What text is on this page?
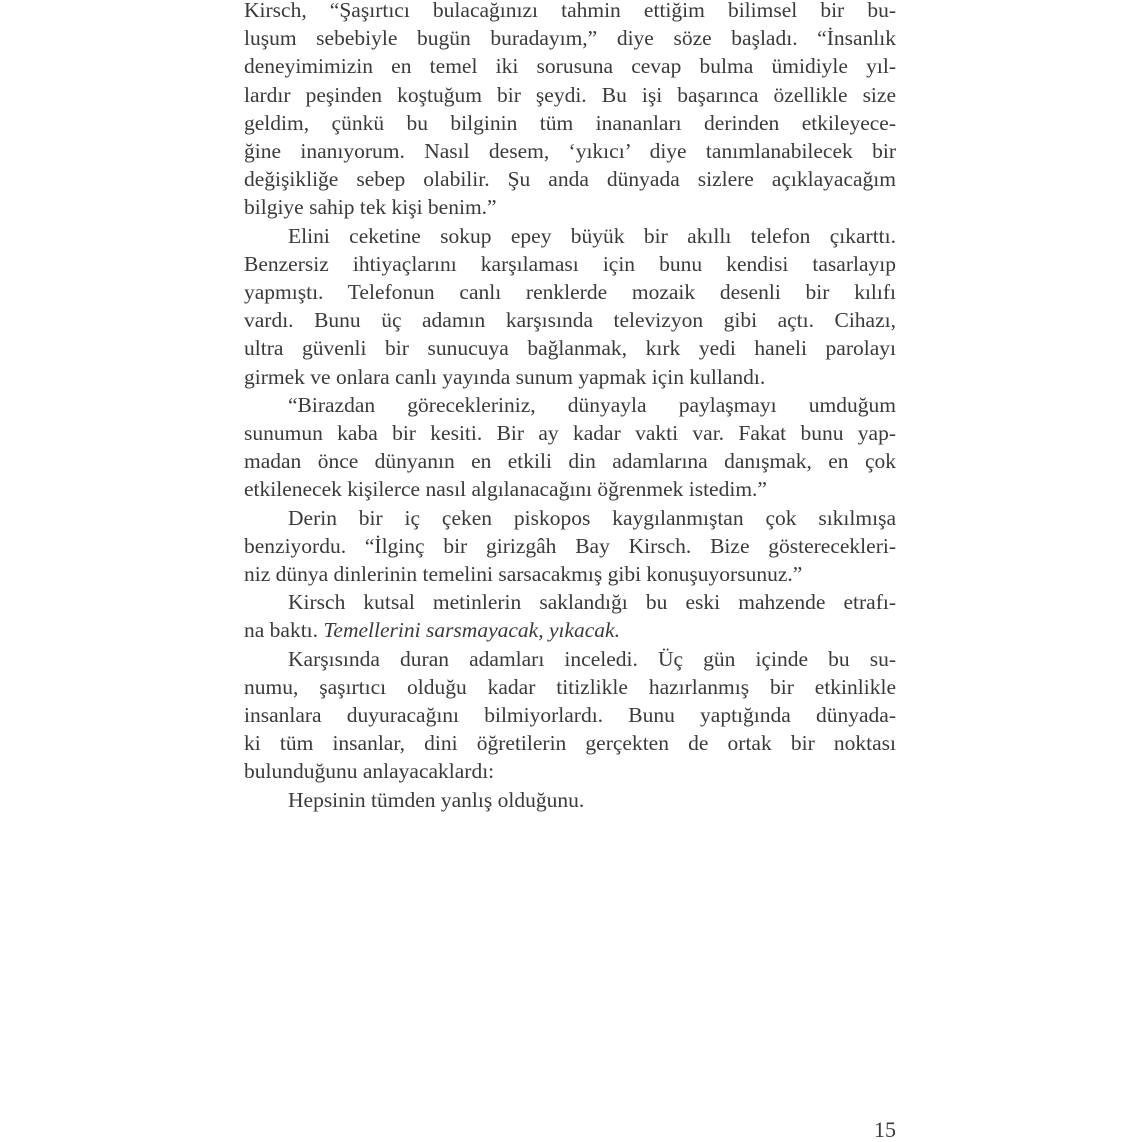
Kirsch, “Şaşırtıcı bulacağınızı tahmin ettiğim bilimsel bir bu-
luşum sebebiyle bugün buradayım,” diye söze başladı. “İnsanlık
deneyimimizin en temel iki sorusuna cevap bulma ümidiyle yıl-
lardır peşinden koştuğum bir şeydi. Bu işi başarınca özellikle size
geldim, çünkü bu bilginin tüm inananları derinden etkileyece-
ğine inanıyorum. Nasıl desem, ‘yıkıcı’ diye tanımlanabilecek bir
değişikliğe sebep olabilir. Şu anda dünyada sizlere açıklayacağım
bilgiye sahip tek kişi benim.”

Elini ceketine sokup epey büyük bir akıllı telefon çıkarttı.
Benzersiz ihtiyaçlarını karşılaması için bunu kendisi tasarlayıp
yapmıştı. Telefonun canlı renklerde mozaik desenli bir kılıfı
vardı. Bunu üç adamın karşısında televizyon gibi açtı. Cihazı,
ultra güvenli bir sunucuya bağlanmak, kırk yedi haneli parolayı
girmek ve onlara canlı yayında sunum yapmak için kullandı.

“Birazdan görecekleriniz, dünyayla paylaşmayı umduğum
sunumun kaba bir kesiti. Bir ay kadar vakti var. Fakat bunu yap-
madan önce dünyanın en etkili din adamlarına danışmak, en çok
etkilenecek kişilerce nasıl algılanacağını öğrenmek istedim.”

Derin bir iç çeken piskopos kaygılanmıştan çok sıkılmışa
benziyordu. “İlginç bir girizgâh Bay Kirsch. Bize gösterecekleri-
niz dünya dinlerinin temelini sarsacakmış gibi konuşuyorsunuz.”

Kirsch kutsal metinlerin saklandığı bu eski mahzende etrafı-
na baktı. Temellerini sarsmayacak, yıkacak.

Karşısında duran adamları inceledi. Üç gün içinde bu su-
numu, şaşırtıcı olduğu kadar titizlikle hazırlanmış bir etkinlikle
insanlara duyuracağını bilmiyorlardı. Bunu yaptığında dünyada-
ki tüm insanlar, dini öğretilerin gerçekten de ortak bir noktası
bulunduğunu anlayacaklardı:

Hepsinin tümden yanlış olduğunu.

15
